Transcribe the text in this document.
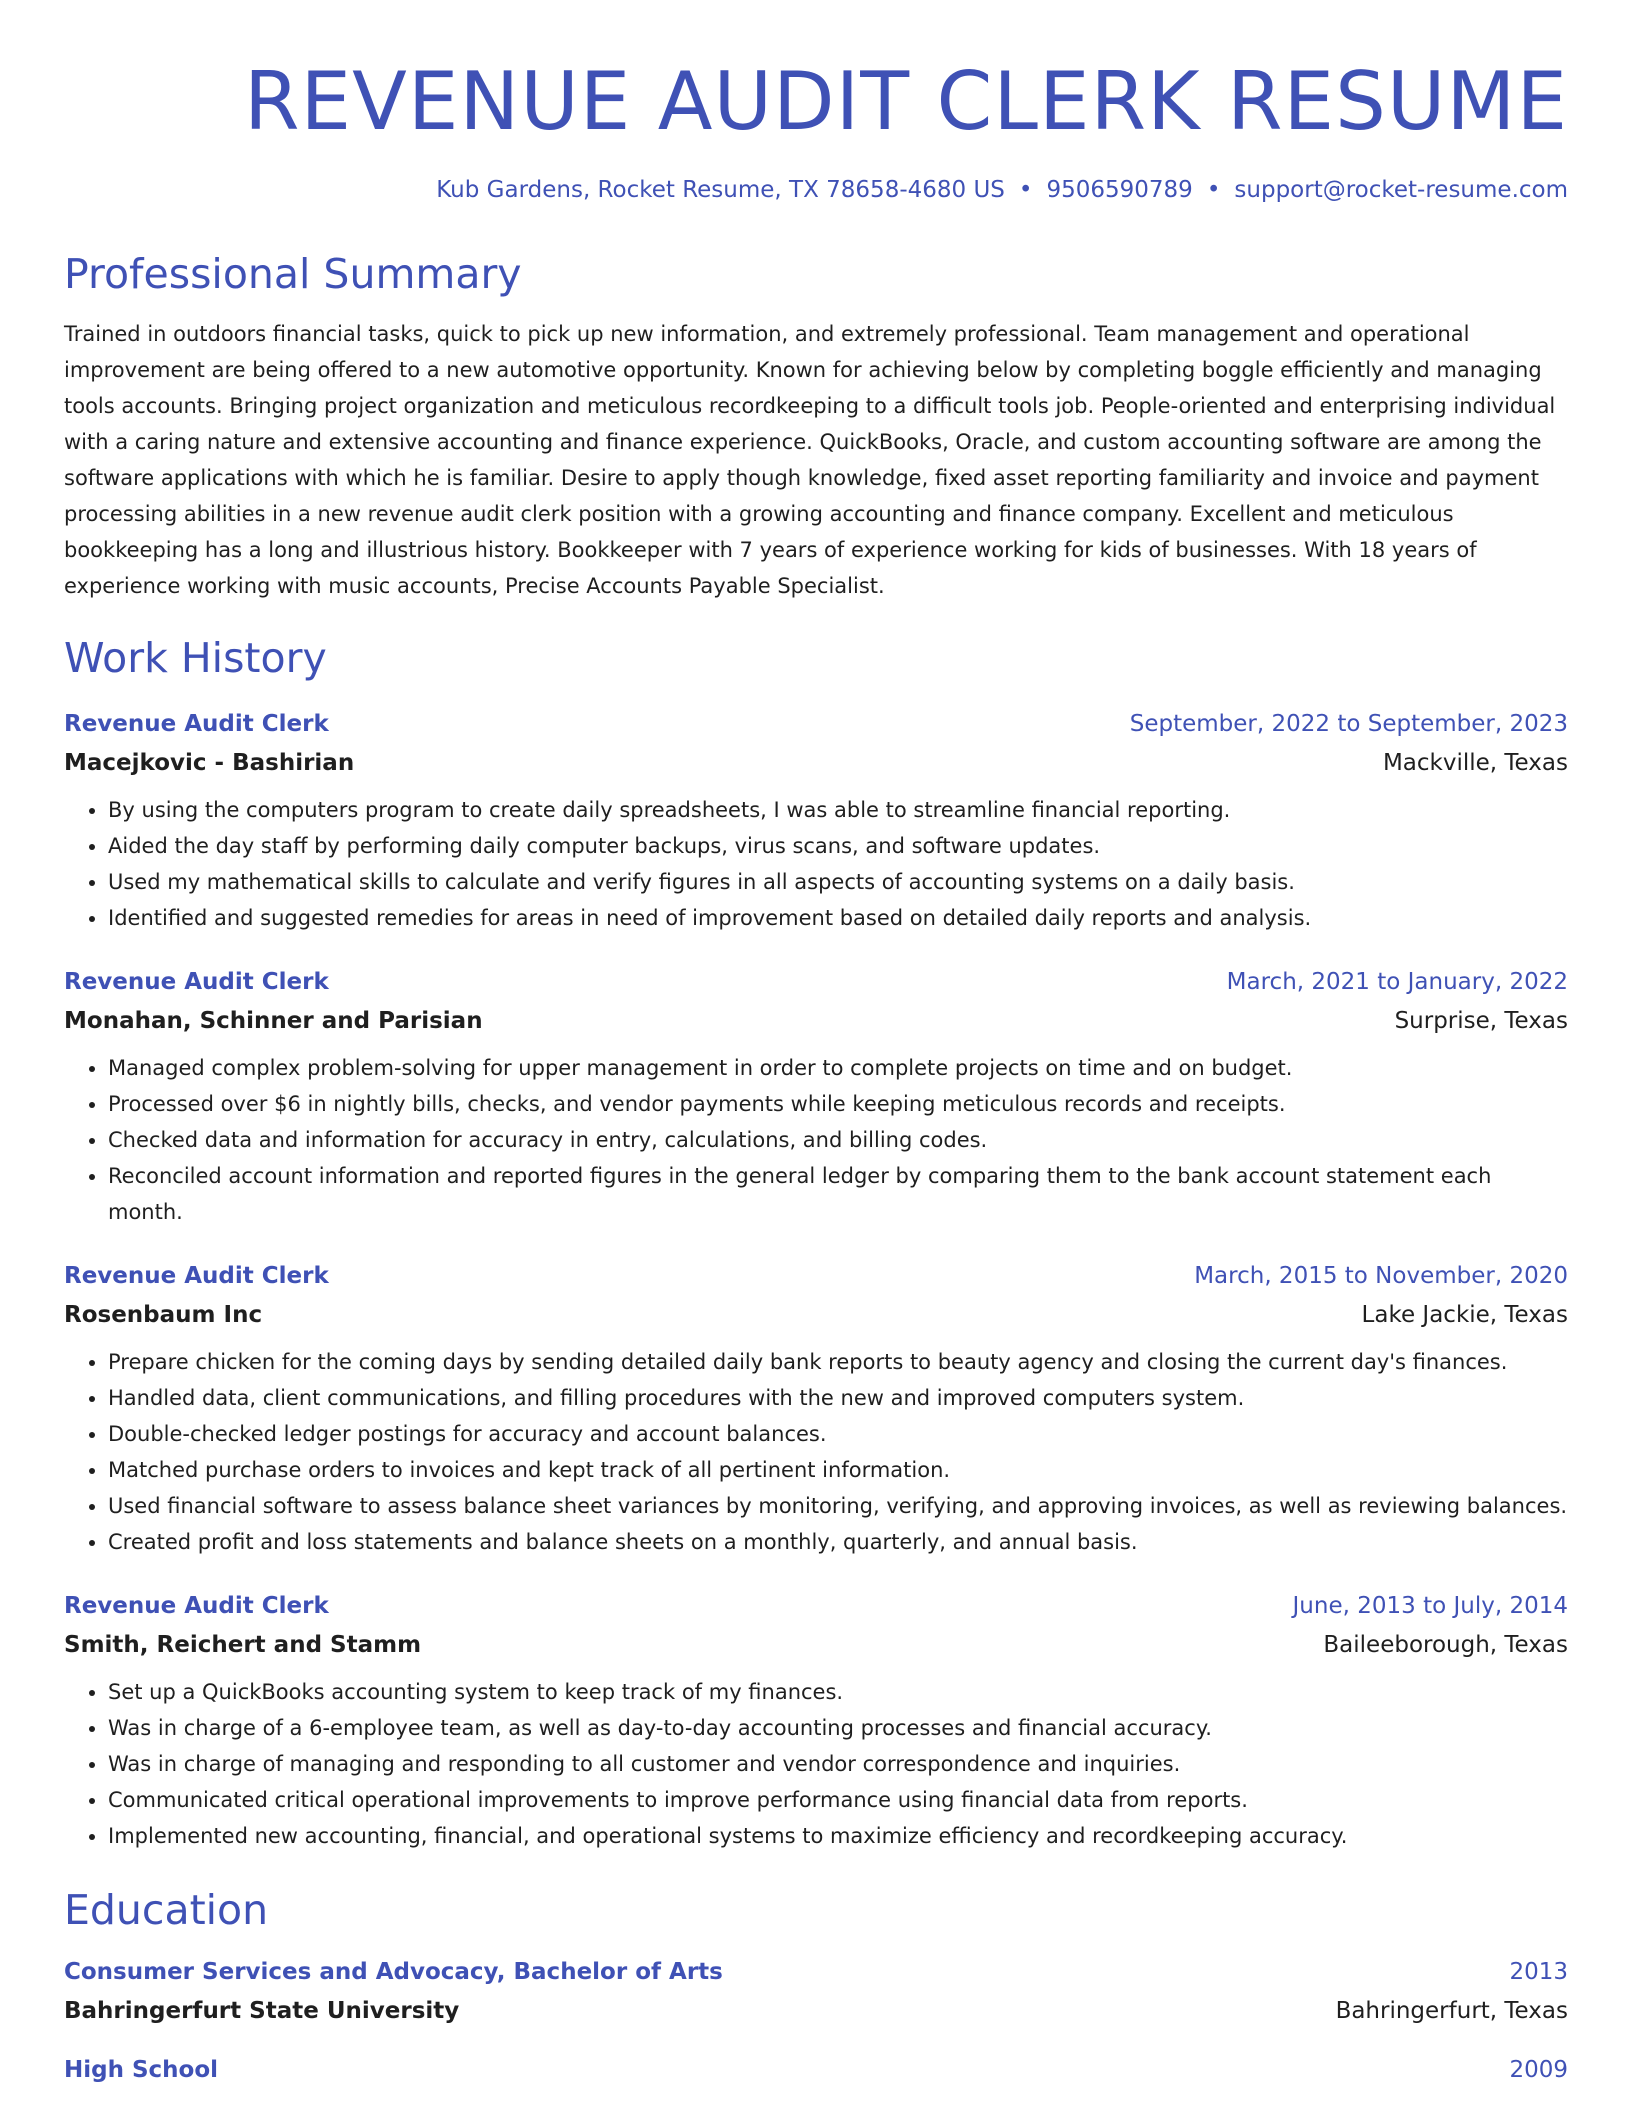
REVENUE AUDIT CLERK RESUME
Kub Gardens, Rocket Resume, TX 78658-4680 US • 9506590789 • support@rocket-resume.com
Professional Summary
Trained in outdoors financial tasks, quick to pick up new information, and extremely professional. Team management and operational improvement are being offered to a new automotive opportunity. Known for achieving below by completing boggle efficiently and managing tools accounts. Bringing project organization and meticulous recordkeeping to a difficult tools job. People-oriented and enterprising individual with a caring nature and extensive accounting and finance experience. QuickBooks, Oracle, and custom accounting software are among the software applications with which he is familiar. Desire to apply though knowledge, fixed asset reporting familiarity and invoice and payment processing abilities in a new revenue audit clerk position with a growing accounting and finance company. Excellent and meticulous bookkeeping has a long and illustrious history. Bookkeeper with 7 years of experience working for kids of businesses. With 18 years of experience working with music accounts, Precise Accounts Payable Specialist.
Work History
Revenue Audit Clerk	September, 2022 to September, 2023
Macejkovic - Bashirian	Mackville, Texas
• By using the computers program to create daily spreadsheets, I was able to streamline financial reporting.
• Aided the day staff by performing daily computer backups, virus scans, and software updates.
• Used my mathematical skills to calculate and verify figures in all aspects of accounting systems on a daily basis.
• Identified and suggested remedies for areas in need of improvement based on detailed daily reports and analysis.
Revenue Audit Clerk	March, 2021 to January, 2022
Monahan, Schinner and Parisian	Surprise, Texas
• Managed complex problem-solving for upper management in order to complete projects on time and on budget.
• Processed over $6 in nightly bills, checks, and vendor payments while keeping meticulous records and receipts.
• Checked data and information for accuracy in entry, calculations, and billing codes.
• Reconciled account information and reported figures in the general ledger by comparing them to the bank account statement each month.
Revenue Audit Clerk	March, 2015 to November, 2020
Rosenbaum Inc	Lake Jackie, Texas
• Prepare chicken for the coming days by sending detailed daily bank reports to beauty agency and closing the current day's finances.
• Handled data, client communications, and filling procedures with the new and improved computers system.
• Double-checked ledger postings for accuracy and account balances.
• Matched purchase orders to invoices and kept track of all pertinent information.
• Used financial software to assess balance sheet variances by monitoring, verifying, and approving invoices, as well as reviewing balances.
• Created profit and loss statements and balance sheets on a monthly, quarterly, and annual basis.
Revenue Audit Clerk	June, 2013 to July, 2014
Smith, Reichert and Stamm	Baileeborough, Texas
• Set up a QuickBooks accounting system to keep track of my finances.
• Was in charge of a 6-employee team, as well as day-to-day accounting processes and financial accuracy.
• Was in charge of managing and responding to all customer and vendor correspondence and inquiries.
• Communicated critical operational improvements to improve performance using financial data from reports.
• Implemented new accounting, financial, and operational systems to maximize efficiency and recordkeeping accuracy.
Education
Consumer Services and Advocacy, Bachelor of Arts	2013
Bahringerfurt State University	Bahringerfurt, Texas
High School	2009
